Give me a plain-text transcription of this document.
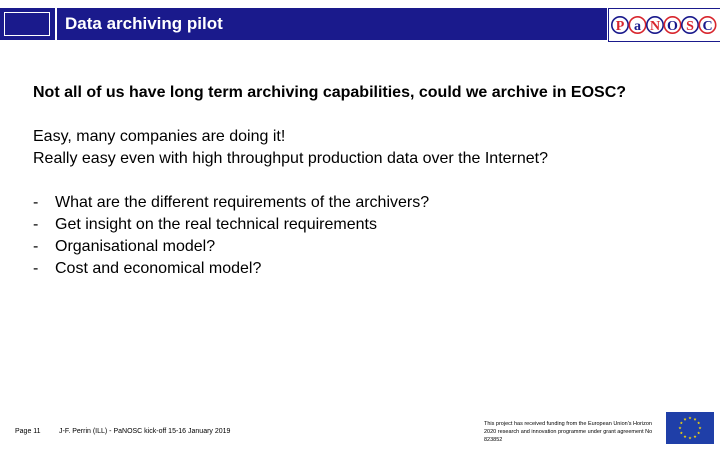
Data archiving pilot	P a N O S C

Not all of us have long term archiving capabilities, could we archive in EOSC?

Easy, many companies are doing it!

Really easy even with high throughput production data over the Internet?

- What are the different requirements of the archivers?
- Get insight on the real technical requirements
- Organisational model?
- Cost and economical model?
Page 11	J-F. Perrin (ILL) - PaNOSC kick-off 15-16 January 2019
This project has received funding from the European Union's Horizon 2020 research and innovation programme under grant agreement No 823852
